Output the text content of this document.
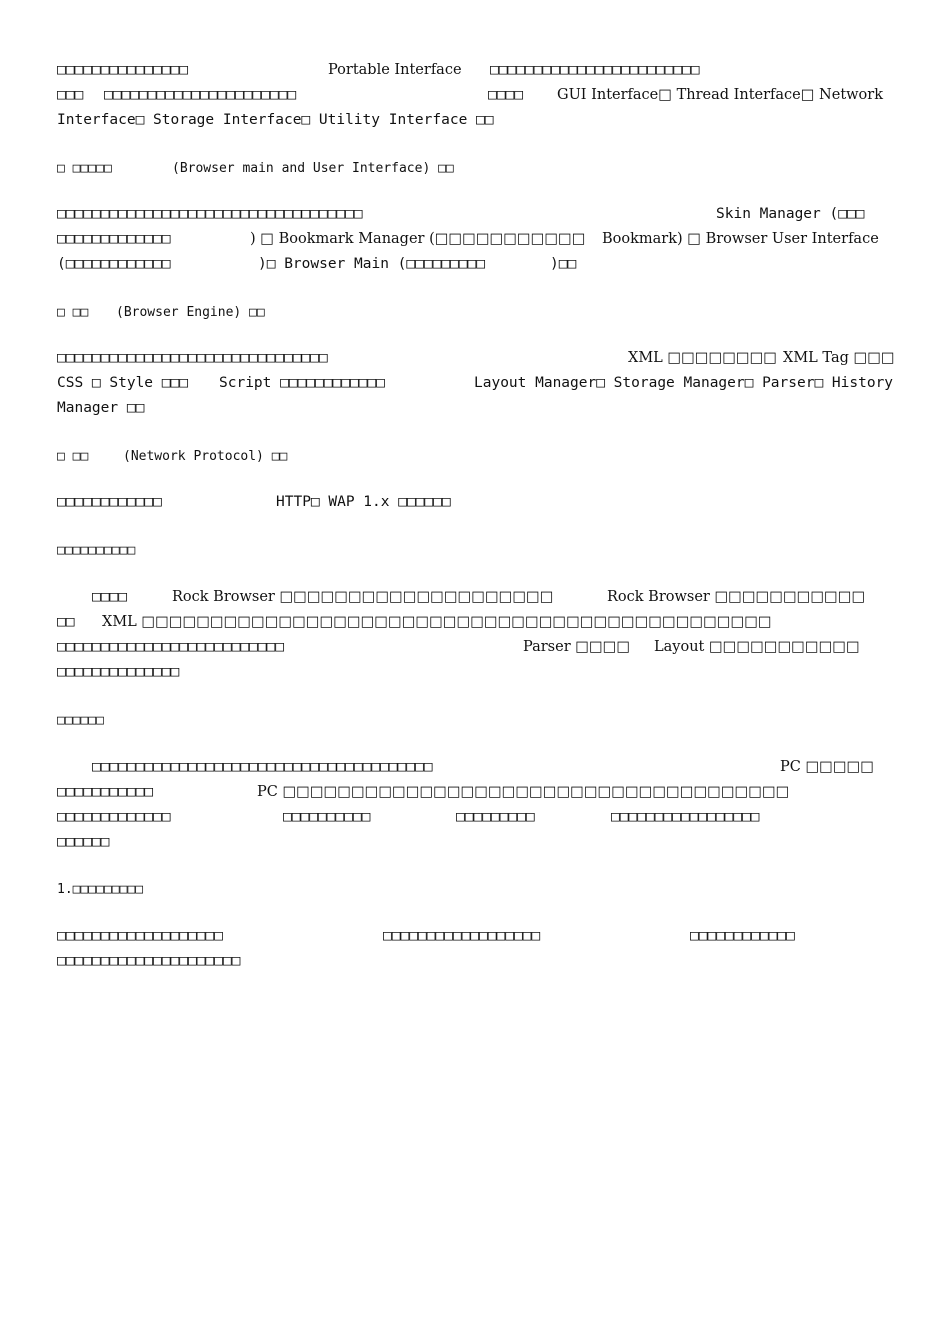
□□□□□□□□□□□□□□□	Portable Interface □□□□□□□□□□□□□□□□□□□□□□□□
□□□ □□□□□□□□□□□□□□□□□□□□□□	□□□□ GUI Interface□ Thread Interface□ Network
Interface□ Storage Interface□ Utility Interface □□
□ □□□□□	(Browser main and User Interface) □□
□□□□□□□□□□□□□□□□□□□□□□□□□□□□□□□□□□□	Skin Manager (□□□
□□□□□□□□□□□□□	) □ Bookmark Manager (□□□□□□□□□□□ Bookmark) □ Browser User Interface
(□□□□□□□□□□□□	)□ Browser Main (□□□□□□□□□	)□□
□ □□ (Browser Engine) □□
□□□□□□□□□□□□□□□□□□□□□□□□□□□□□□□	XML □□□□□□□□ XML Tag □□□
CSS □ Style □□□ Script □□□□□□□□□□□□	Layout Manager□ Storage Manager□ Parser□ History
Manager □□
□ □□	(Network Protocol) □□
□□□□□□□□□□□□	HTTP□ WAP 1.x □□□□□□
□□□□□□□□□□
□□□□	Rock Browser □□□□□□□□□□□□□□□□□□□□	Rock Browser □□□□□□□□□□□
□□ XML □□□□□□□□□□□□□□□□□□□□□□□□□□□□□□□□□□□□□□□□□□□□□□
□□□□□□□□□□□□□□□□□□□□□□□□□□	Parser □□□□ Layout □□□□□□□□□□□
□□□□□□□□□□□□□□
□□□□□□
□□□□□□□□□□□□□□□□□□□□□□□□□□□□□□□□□□□□□□□	PC □□□□□
□□□□□□□□□□□	PC □□□□□□□□□□□□□□□□□□□□□□□□□□□□□□□□□□□□□
□□□□□□□□□□□□□	□□□□□□□□□□	□□□□□□□□□	□□□□□□□□□□□□□□□□□
□□□□□□
1.□□□□□□□□□
□□□□□□□□□□□□□□□□□□□	□□□□□□□□□□□□□□□□□□	□□□□□□□□□□□□
□□□□□□□□□□□□□□□□□□□□□
